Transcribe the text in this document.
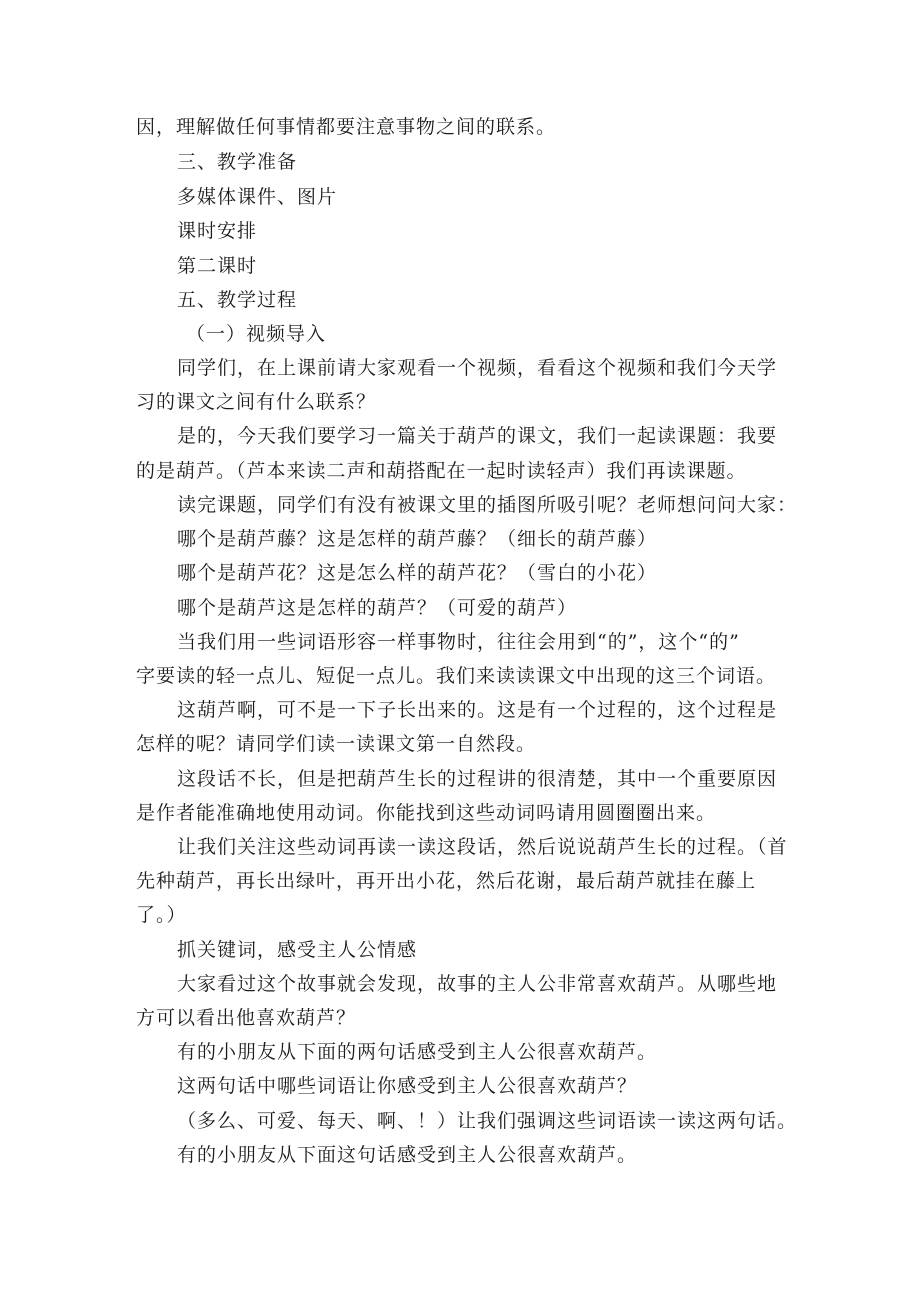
因，理解做任何事情都要注意事物之间的联系。
三、教学准备
多媒体课件、图片
课时安排
第二课时
五、教学过程
（一）视频导入
同学们，在上课前请大家观看一个视频，看看这个视频和我们今天学
习的课文之间有什么联系？
是的，今天我们要学习一篇关于葫芦的课文，我们一起读课题：我要
的是葫芦。（芦本来读二声和葫搭配在一起时读轻声）我们再读课题。
读完课题，同学们有没有被课文里的插图所吸引呢？老师想问问大家：
哪个是葫芦藤？这是怎样的葫芦藤？（细长的葫芦藤）
哪个是葫芦花？这是怎么样的葫芦花？（雪白的小花）
哪个是葫芦这是怎样的葫芦？（可爱的葫芦）
当我们用一些词语形容一样事物时，往往会用到“的”，这个“的”
字要读的轻一点儿、短促一点儿。我们来读读课文中出现的这三个词语。
这葫芦啊，可不是一下子长出来的。这是有一个过程的，这个过程是
怎样的呢？请同学们读一读课文第一自然段。
这段话不长，但是把葫芦生长的过程讲的很清楚，其中一个重要原因
是作者能准确地使用动词。你能找到这些动词吗请用圆圈圈出来。
让我们关注这些动词再读一读这段话，然后说说葫芦生长的过程。（首
先种葫芦，再长出绿叶，再开出小花，然后花谢，最后葫芦就挂在藤上
了。）
抓关键词，感受主人公情感
大家看过这个故事就会发现，故事的主人公非常喜欢葫芦。从哪些地
方可以看出他喜欢葫芦？
有的小朋友从下面的两句话感受到主人公很喜欢葫芦。
这两句话中哪些词语让你感受到主人公很喜欢葫芦？
（多么、可爱、每天、啊、！）让我们强调这些词语读一读这两句话。
有的小朋友从下面这句话感受到主人公很喜欢葫芦。
